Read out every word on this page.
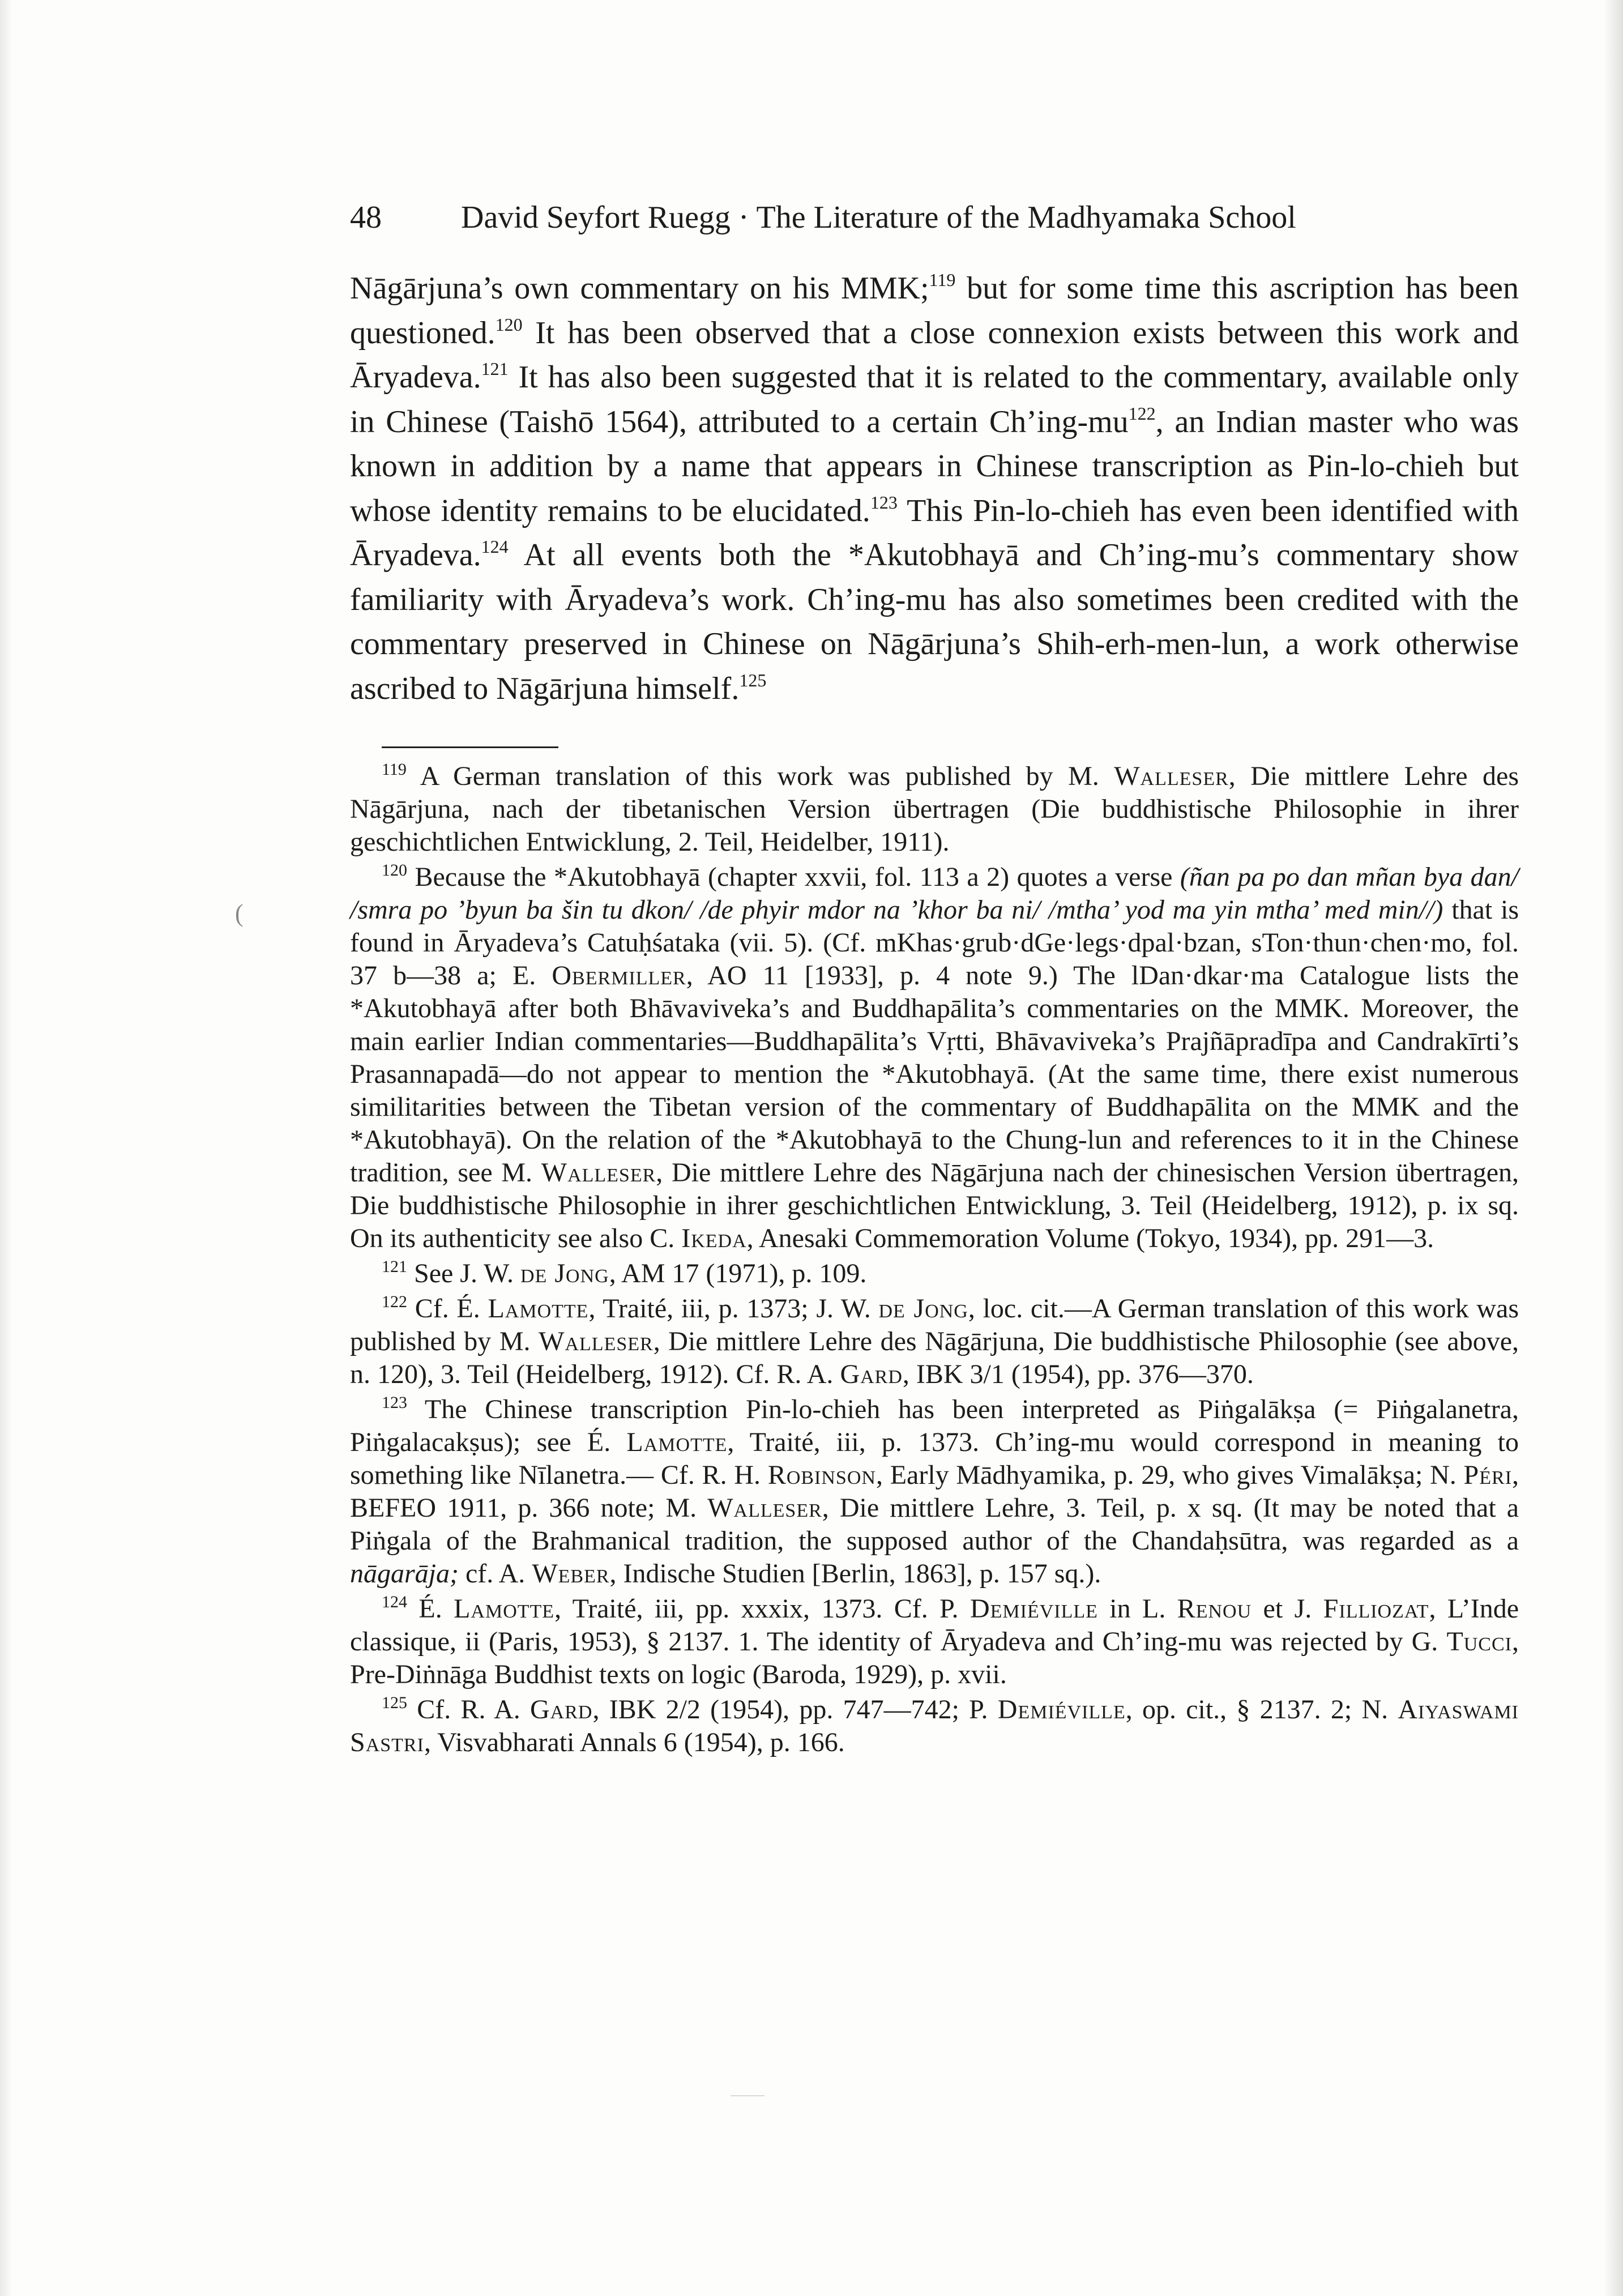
48	David Seyfort Ruegg · The Literature of the Madhyamaka School
Nāgārjuna’s own commentary on his MMK;$^{119}$ but for some time this ascription has been questioned.$^{120}$ It has been observed that a close connexion exists between this work and Āryadeva.$^{121}$ It has also been suggested that it is related to the commentary, available only in Chinese (Taishō 1564), attributed to a certain $Ch’ing-mu^{122}$, an Indian master who was known in addition by a name that appears in Chinese transcription as Pin-lo-chieh but whose identity remains to be elucidated.$^{123}$ This Pin-lo-chieh has even been identified with Āryadeva.$^{124}$ At all events both the *Akutobhayā and Ch’ing-mu’s commentary show familiarity with Āryadeva’s work. Ch’ing-mu has also sometimes been credited with the commentary preserved in Chinese on Nāgārjuna’s Shih-erh-men-lun, a work otherwise ascribed to Nāgārjuna himself.$^{125}$
(

$^{119}$ A German translation of this work was published by M. Walleser, Die mittlere Lehre des Nāgārjuna, nach der tibetanischen Version übertragen (Die buddhistische Philosophie in ihrer geschichtlichen Entwicklung, 2. Teil, Heidelber, 1911).

$^{120}$ Because the *Akutobhayā (chapter xxvii, fol. 113 a 2) quotes a verse (ñan pa po dan mñan bya dan/ /smra po ’byun ba šin tu dkon/ /de phyir mdor na ’khor ba ni/ /mtha’ yod ma yin mtha’ med min//) that is found in Āryadeva’s Catuḥśataka (vii. 5). (Cf. mKhas·grub·dGe·legs·dpal·bzan, sTon·thun·chen·mo, fol. 37 b—38 a; E. Obermiller, AO 11 [1933], p. 4 note 9.) The lDan·dkar·ma Catalogue lists the *Akutobhayā after both Bhāvaviveka’s and Buddhapālita’s commentaries on the MMK. Moreover, the main earlier Indian commentaries—Buddhapālita’s Vṛtti, Bhāvaviveka’s Prajñāpradīpa and Candrakīrti’s Prasannapadā—do not appear to mention the *Akutobhayā. (At the same time, there exist numerous similitarities between the Tibetan version of the commentary of Buddhapālita on the MMK and the *Akutobhayā). On the relation of the *Akutobhayā to the Chung-lun and references to it in the Chinese tradition, see M. Walleser, Die mittlere Lehre des Nāgārjuna nach der chinesischen Version übertragen, Die buddhistische Philosophie in ihrer geschichtlichen Entwicklung, 3. Teil (Heidelberg, 1912), p. ix sq. On its authenticity see also C. Ikeda, Anesaki Commemoration Volume (Tokyo, 1934), pp. 291—3.

$^{121}$ See J. W. de Jong, AM 17 (1971), p. 109.

$^{122}$ Cf. É. Lamotte, Traité, iii, p. 1373; J. W. de Jong, loc. cit.—A German translation of this work was published by M. Walleser, Die mittlere Lehre des Nāgārjuna, Die buddhistische Philosophie (see above, n. 120), 3. Teil (Heidelberg, 1912). Cf. R. A. Gard, IBK 3/1 (1954), pp. 376—370.

$^{123}$ The Chinese transcription Pin-lo-chieh has been interpreted as Piṅgalākṣa (= Piṅgalanetra, Piṅgalacakṣus); see É. Lamotte, Traité, iii, p. 1373. Ch’ing-mu would correspond in meaning to something like Nīlanetra.— Cf. R. H. Robinson, Early Mādhyamika, p. 29, who gives Vimalākṣa; N. Péri, BEFEO 1911, p. 366 note; M. Walleser, Die mittlere Lehre, 3. Teil, p. x sq. (It may be noted that a Piṅgala of the Brahmanical tradition, the supposed author of the Chandaḥsūtra, was regarded as a nāgarāja; cf. A. Weber, Indische Studien [Berlin, 1863], p. 157 sq.).

$^{124}$ É. Lamotte, Traité, iii, pp. xxxix, 1373. Cf. P. Demiéville in L. Renou et J. Filliozat, L’Inde classique, ii (Paris, 1953), § 2137. 1. The identity of Āryadeva and Ch’ing-mu was rejected by G. Tucci, Pre-Diṅnāga Buddhist texts on logic (Baroda, 1929), p. xvii.

$^{125}$ Cf. R. A. Gard, IBK 2/2 (1954), pp. 747—742; P. Demiéville, op. cit., § 2137. 2; N. Aiyaswami Sastri, Visvabharati Annals 6 (1954), p. 166.
